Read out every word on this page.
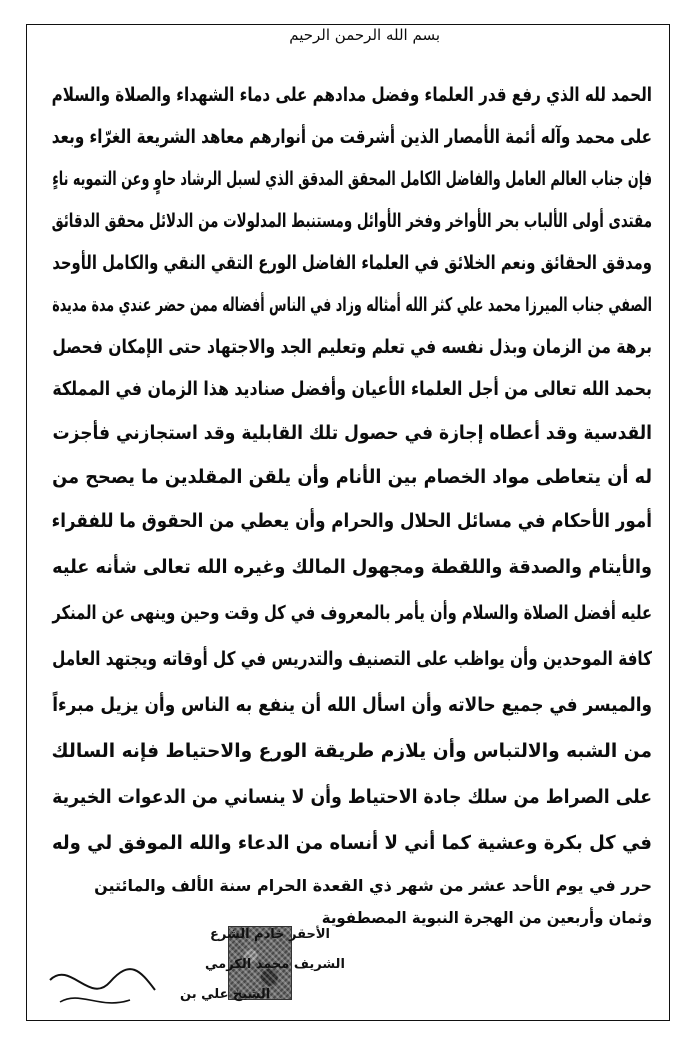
بسم الله الرحمن الرحيم
الحمد لله الذي رفع قدر العلماء وفضل مدادهم على دماء الشهداء والصلاة والسلام
على محمد وآله أئمة الأمصار الذين أشرقت من أنوارهم معاهد الشريعة الغرّاء وبعد
فإن جناب العالم العامل والفاضل الكامل المحقق المدقق الذي لسبل الرشاد حاوٍ وعن التمويه ناءٍ
مقتدى أولى الألباب بحر الأواخر وفخر الأوائل ومستنبط المدلولات من الدلائل محقق الدقائق
ومدقق الحقائق ونعم الخلائق في العلماء الفاضل الورع التقي النقي والكامل الأوحد
الصفي جناب الميرزا محمد علي كثر الله أمثاله وزاد في الناس أفضاله ممن حضر عندي مدة مديدة
برهة من الزمان وبذل نفسه في تعلم وتعليم الجد والاجتهاد حتى الإمكان فحصل
بحمد الله تعالى من أجل العلماء الأعيان وأفضل صناديد هذا الزمان في المملكة
القدسية وقد أعطاه إجازة في حصول تلك القابلية وقد استجازني فأجزت
له أن يتعاطى مواد الخصام بين الأنام وأن يلقن المقلدين ما يصحح من
أمور الأحكام في مسائل الحلال والحرام وأن يعطي من الحقوق ما للفقراء
والأيتام والصدقة واللقطة ومجهول المالك وغيره الله تعالى شأنه عليه
عليه أفضل الصلاة والسلام وأن يأمر بالمعروف في كل وقت وحين وينهى عن المنكر
كافة الموحدين وأن يواظب على التصنيف والتدريس في كل أوقاته ويجتهد العامل
والميسر في جميع حالاته وأن اسأل الله أن ينفع به الناس وأن يزيل مبرءاً
من الشبه والالتباس وأن يلازم طريقة الورع والاحتياط فإنه السالك
على الصراط من سلك جادة الاحتياط وأن لا ينساني من الدعوات الخيرية
في كل بكرة وعشية كما أني لا أنساه من الدعاء والله الموفق لي وله
حرر في يوم الأحد عشر من شهر ذي القعدة الحرام سنة الألف والمائتين
وثمان وأربعين من الهجرة النبوية المصطفوية
الأحقر خادم الشرع
الشريف محمد الكرمي
الشيخ علي بن
